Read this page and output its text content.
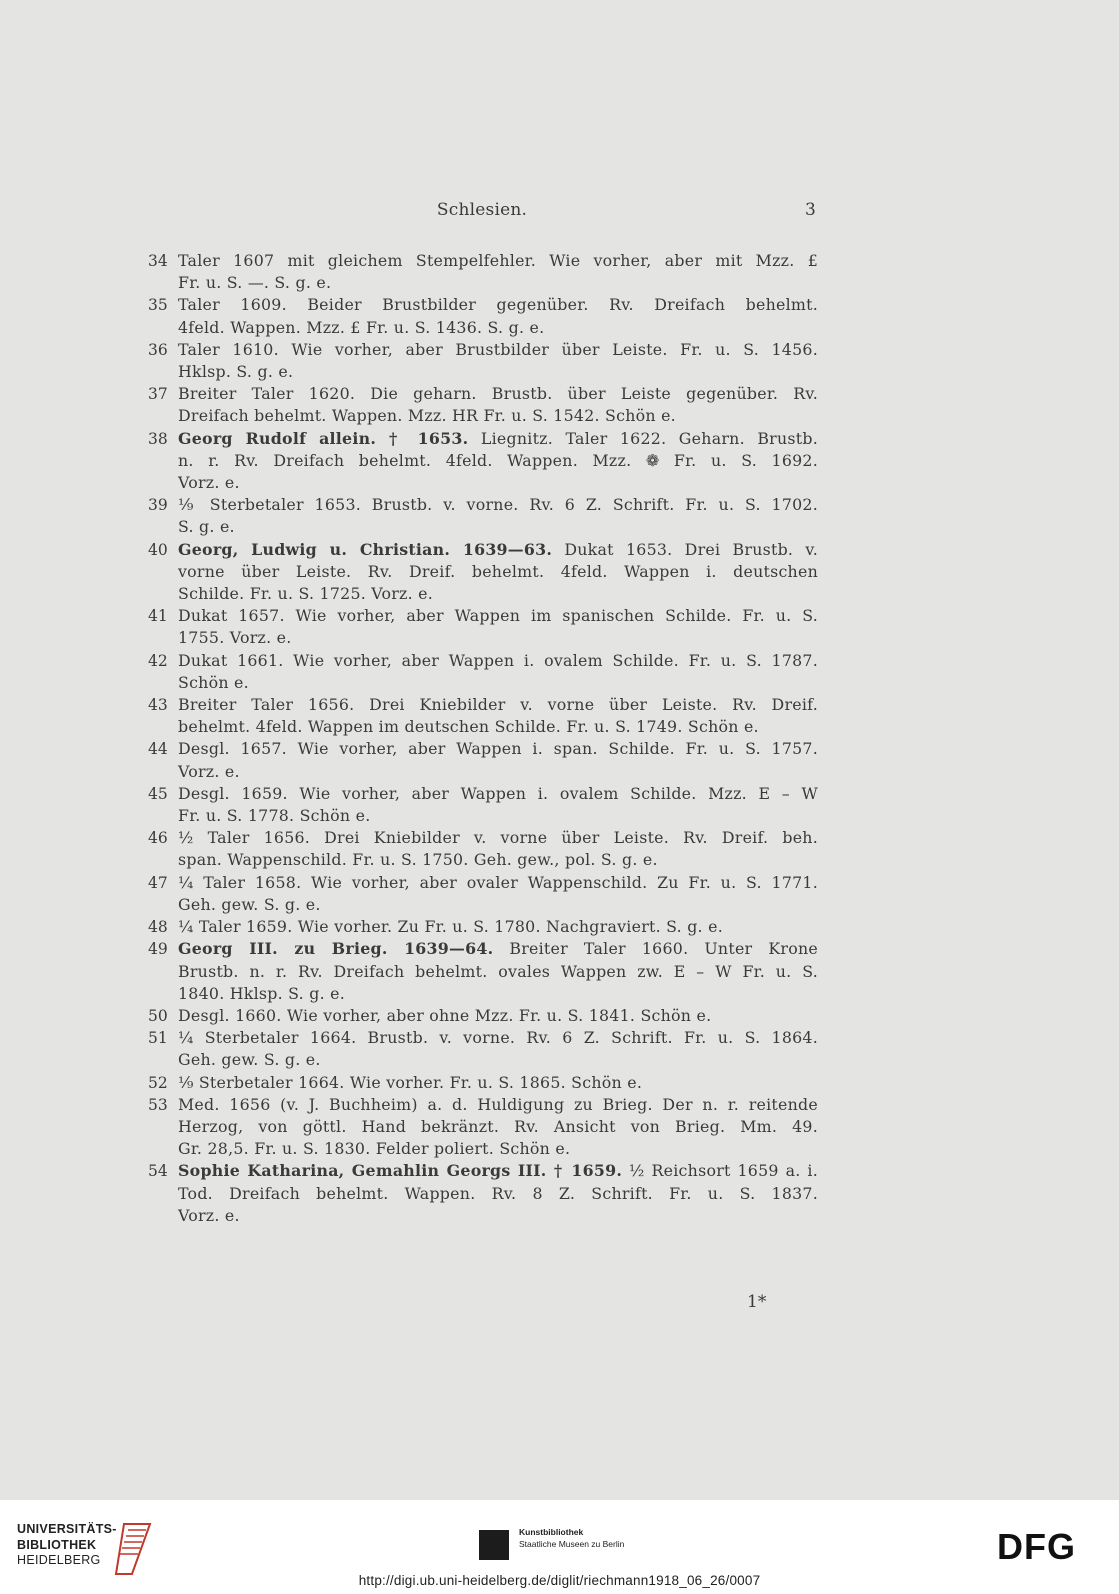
Schlesien.	3
34 Taler 1607 mit gleichem Stempelfehler. Wie vorher, aber mit Mzz. £
Fr. u. S. —. S. g. e.
35 Taler 1609. Beider Brustbilder gegenüber. Rv. Dreifach behelmt.
4feld. Wappen. Mzz. £ Fr. u. S. 1436. S. g. e.
36 Taler 1610. Wie vorher, aber Brustbilder über Leiste. Fr. u. S. 1456.
Hklsp. S. g. e.
37 Breiter Taler 1620. Die geharn. Brustb. über Leiste gegenüber. Rv.
Dreifach behelmt. Wappen. Mzz. HR Fr. u. S. 1542. Schön e.
38 Georg Rudolf allein. † 1653. Liegnitz. Taler 1622. Geharn. Brustb.
n. r. Rv. Dreifach behelmt. 4feld. Wappen. Mzz. ❁ Fr. u. S. 1692.
Vorz. e.
39 ⅑ Sterbetaler 1653. Brustb. v. vorne. Rv. 6 Z. Schrift. Fr. u. S. 1702.
S. g. e.
40 Georg, Ludwig u. Christian. 1639—63. Dukat 1653. Drei Brustb. v.
vorne über Leiste. Rv. Dreif. behelmt. 4feld. Wappen i. deutschen
Schilde. Fr. u. S. 1725. Vorz. e.
41 Dukat 1657. Wie vorher, aber Wappen im spanischen Schilde. Fr. u. S.
1755. Vorz. e.
42 Dukat 1661. Wie vorher, aber Wappen i. ovalem Schilde. Fr. u. S. 1787.
Schön e.
43 Breiter Taler 1656. Drei Kniebilder v. vorne über Leiste. Rv. Dreif.
behelmt. 4feld. Wappen im deutschen Schilde. Fr. u. S. 1749. Schön e.
44 Desgl. 1657. Wie vorher, aber Wappen i. span. Schilde. Fr. u. S. 1757.
Vorz. e.
45 Desgl. 1659. Wie vorher, aber Wappen i. ovalem Schilde. Mzz. E – W
Fr. u. S. 1778. Schön e.
46 ½ Taler 1656. Drei Kniebilder v. vorne über Leiste. Rv. Dreif. beh.
span. Wappenschild. Fr. u. S. 1750. Geh. gew., pol. S. g. e.
47 ¼ Taler 1658. Wie vorher, aber ovaler Wappenschild. Zu Fr. u. S. 1771.
Geh. gew. S. g. e.
48 ¼ Taler 1659. Wie vorher. Zu Fr. u. S. 1780. Nachgraviert. S. g. e.
49 Georg III. zu Brieg. 1639—64. Breiter Taler 1660. Unter Krone
Brustb. n. r. Rv. Dreifach behelmt. ovales Wappen zw. E – W Fr. u. S.
1840. Hklsp. S. g. e.
50 Desgl. 1660. Wie vorher, aber ohne Mzz. Fr. u. S. 1841. Schön e.
51 ¼ Sterbetaler 1664. Brustb. v. vorne. Rv. 6 Z. Schrift. Fr. u. S. 1864.
Geh. gew. S. g. e.
52 ⅑ Sterbetaler 1664. Wie vorher. Fr. u. S. 1865. Schön e.
53 Med. 1656 (v. J. Buchheim) a. d. Huldigung zu Brieg. Der n. r. reitende
Herzog, von göttl. Hand bekränzt. Rv. Ansicht von Brieg. Mm. 49.
Gr. 28,5. Fr. u. S. 1830. Felder poliert. Schön e.
54 Sophie Katharina, Gemahlin Georgs III. † 1659. ½ Reichsort 1659 a. i.
Tod. Dreifach behelmt. Wappen. Rv. 8 Z. Schrift. Fr. u. S. 1837.
Vorz. e.
1*
UNIVERSITÄTS-
BIBLIOTHEK
HEIDELBERG
Kunstbibliothek
Staatliche Museen zu Berlin	DFG
http://digi.ub.uni-heidelberg.de/diglit/riechmann1918_06_26/0007
